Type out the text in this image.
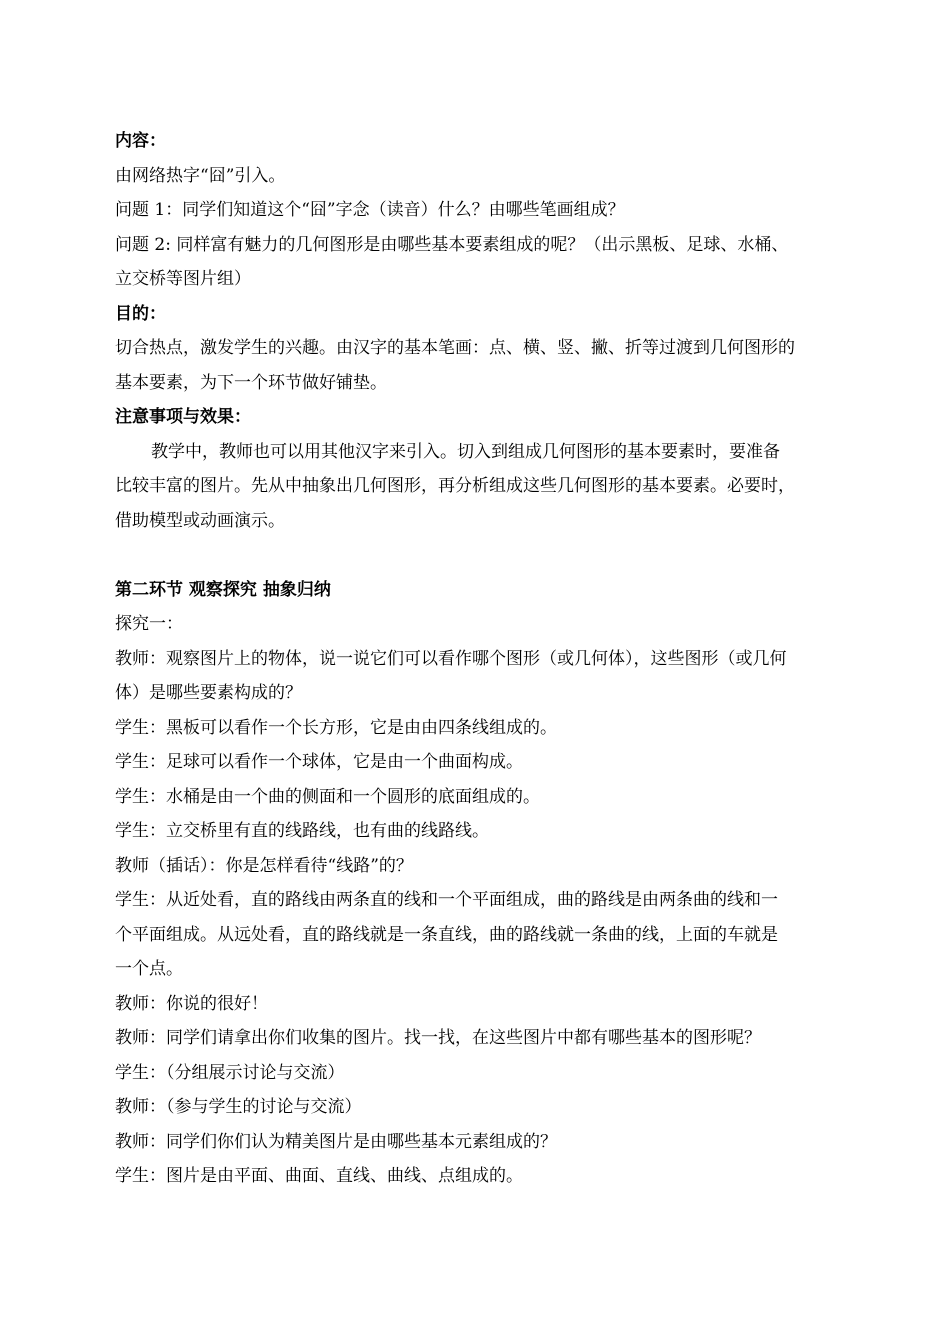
内容：
由网络热字“囧”引入。
问题 1：同学们知道这个“囧”字念（读音）什么？由哪些笔画组成？
问题 2: 同样富有魅力的几何图形是由哪些基本要素组成的呢？（出示黑板、足球、水桶、
立交桥等图片组）
目的：
切合热点，激发学生的兴趣。由汉字的基本笔画：点、横、竖、撇、折等过渡到几何图形的
基本要素，为下一个环节做好铺垫。
注意事项与效果：
教学中，教师也可以用其他汉字来引入。切入到组成几何图形的基本要素时，要准备
比较丰富的图片。先从中抽象出几何图形，再分析组成这些几何图形的基本要素。必要时，
借助模型或动画演示。
第二环节 观察探究 抽象归纳
探究一：
教师：观察图片上的物体，说一说它们可以看作哪个图形（或几何体），这些图形（或几何
体）是哪些要素构成的？
学生：黑板可以看作一个长方形，它是由由四条线组成的。
学生：足球可以看作一个球体，它是由一个曲面构成。
学生：水桶是由一个曲的侧面和一个圆形的底面组成的。
学生：立交桥里有直的线路线，也有曲的线路线。
教师（插话）：你是怎样看待“线路”的？
学生：从近处看，直的路线由两条直的线和一个平面组成，曲的路线是由两条曲的线和一
个平面组成。从远处看，直的路线就是一条直线，曲的路线就一条曲的线，上面的车就是
一个点。
教师：你说的很好！
教师：同学们请拿出你们收集的图片。找一找，在这些图片中都有哪些基本的图形呢？
学生：（分组展示讨论与交流）
教师：（参与学生的讨论与交流）
教师：同学们你们认为精美图片是由哪些基本元素组成的？
学生：图片是由平面、曲面、直线、曲线、点组成的。
